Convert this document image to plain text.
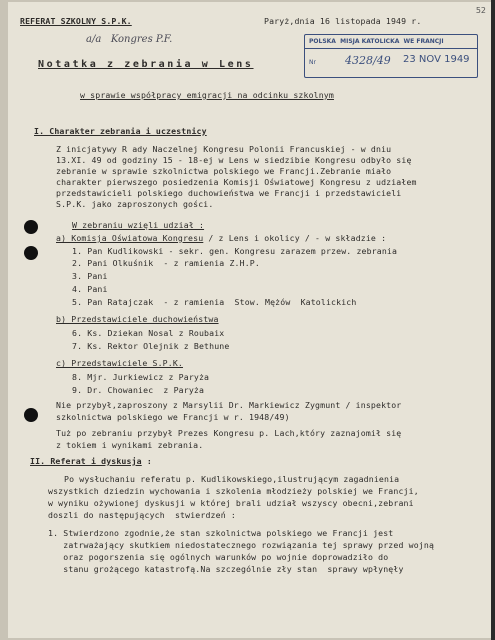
52
REFERAT SZKOLNY S.P.K.	Paryż,dnia 16 listopada 1949 r.
a/a   Kongres P.F.	POLSKA  MISJA KATOLICKA  WE FRANCJI
Nr	4328/49 23 NOV 1949
Notatka z zebrania w Lens
w sprawie współpracy emigracji na odcinku szkolnym
I. Charakter zebrania i uczestnicy
Z inicjatywy R ady Naczelnej Kongresu Polonii Francuskiej - w dniu
13.XI. 49 od godziny 15 - 18-ej w Lens w siedzibie Kongresu odbyło się
zebranie w sprawie szkolnictwa polskiego we Francji.Zebranie miało
charakter pierwszego posiedzenia Komisji Oświatowej Kongresu z udziałem
przedstawicieli polskiego duchowieństwa we Francji i przedstawicieli
S.P.K. jako zaproszonych gości.
W zebraniu wzięli udział :
a) Komisja Oświatowa Kongresu / z Lens i okolicy / - w składzie :
1. Pan Kudlikowski - sekr. gen. Kongresu zarazem przew. zebrania
2. Pani Olkuśnik  - z ramienia Z.H.P.
3. Pani
4. Pani
5. Pan Ratajczak  - z ramienia  Stow. Mężów  Katolickich
b) Przedstawiciele duchowieństwa
6. Ks. Dziekan Nosal z Roubaix
7. Ks. Rektor Olejnik z Bethune
c) Przedstawiciele S.P.K.
8. Mjr. Jurkiewicz z Paryża
9. Dr. Chowaniec  z Paryża
Nie przybył,zaproszony z Marsylii Dr. Markiewicz Zygmunt / inspektor
szkolnictwa polskiego we Francji w r. 1948/49)
Tuż po zebraniu przybył Prezes Kongresu p. Lach,który zaznajomił się
z tokiem i wynikami zebrania.
II. Referat i dyskusja :
Po wysłuchaniu referatu p. Kudlikowskiego,ilustrującym zagadnienia
wszystkich dziedzin wychowania i szkolenia młodzieży polskiej we Francji,
w wyniku ożywionej dyskusji w której brali udział wszyscy obecni,zebrani
doszli do następujących  stwierdzeń :
1. Stwierdzono zgodnie,że stan szkolnictwa polskiego we Francji jest
zatrważający skutkiem niedostatecznego rozwiązania tej sprawy przed wojną
oraz pogorszenia się ogólnych warunków po wojnie doprowadziło do
stanu grożącego katastrofą.Na szczególnie zły stan  sprawy wpłynęły
